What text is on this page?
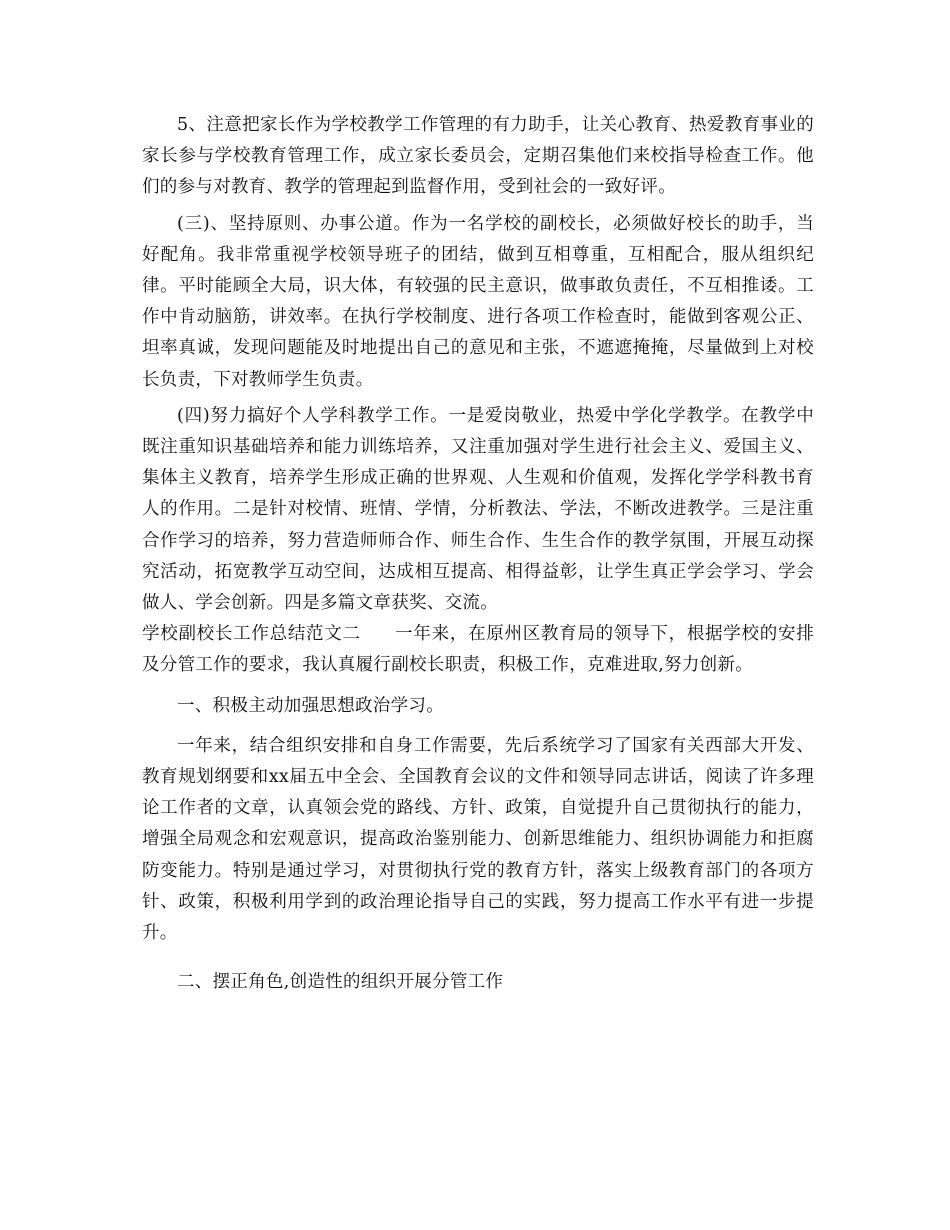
5、注意把家长作为学校教学工作管理的有力助手，让关心教育、热爱教育事业的家长参与学校教育管理工作，成立家长委员会，定期召集他们来校指导检查工作。他们的参与对教育、教学的管理起到监督作用，受到社会的一致好评。

(三)、坚持原则、办事公道。作为一名学校的副校长，必须做好校长的助手，当好配角。我非常重视学校领导班子的团结，做到互相尊重，互相配合，服从组织纪律。平时能顾全大局，识大体，有较强的民主意识，做事敢负责任，不互相推诿。工作中肯动脑筋，讲效率。在执行学校制度、进行各项工作检查时，能做到客观公正、坦率真诚，发现问题能及时地提出自己的意见和主张，不遮遮掩掩，尽量做到上对校长负责，下对教师学生负责。

(四)努力搞好个人学科教学工作。一是爱岗敬业，热爱中学化学教学。在教学中既注重知识基础培养和能力训练培养，又注重加强对学生进行社会主义、爱国主义、集体主义教育，培养学生形成正确的世界观、人生观和价值观，发挥化学学科教书育人的作用。二是针对校情、班情、学情，分析教法、学法，不断改进教学。三是注重合作学习的培养，努力营造师师合作、师生合作、生生合作的教学氛围，开展互动探究活动，拓宽教学互动空间，达成相互提高、相得益彰，让学生真正学会学习、学会做人、学会创新。四是多篇文章获奖、交流。

学校副校长工作总结范文二 一年来，在原州区教育局的领导下，根据学校的安排及分管工作的要求，我认真履行副校长职责，积极工作，克难进取,努力创新。

一、积极主动加强思想政治学习。

一年来，结合组织安排和自身工作需要，先后系统学习了国家有关西部大开发、教育规划纲要和xx届五中全会、全国教育会议的文件和领导同志讲话，阅读了许多理论工作者的文章，认真领会党的路线、方针、政策，自觉提升自己贯彻执行的能力，增强全局观念和宏观意识，提高政治鉴别能力、创新思维能力、组织协调能力和拒腐防变能力。特别是通过学习，对贯彻执行党的教育方针，落实上级教育部门的各项方针、政策，积极利用学到的政治理论指导自己的实践，努力提高工作水平有进一步提升。

二、摆正角色,创造性的组织开展分管工作
